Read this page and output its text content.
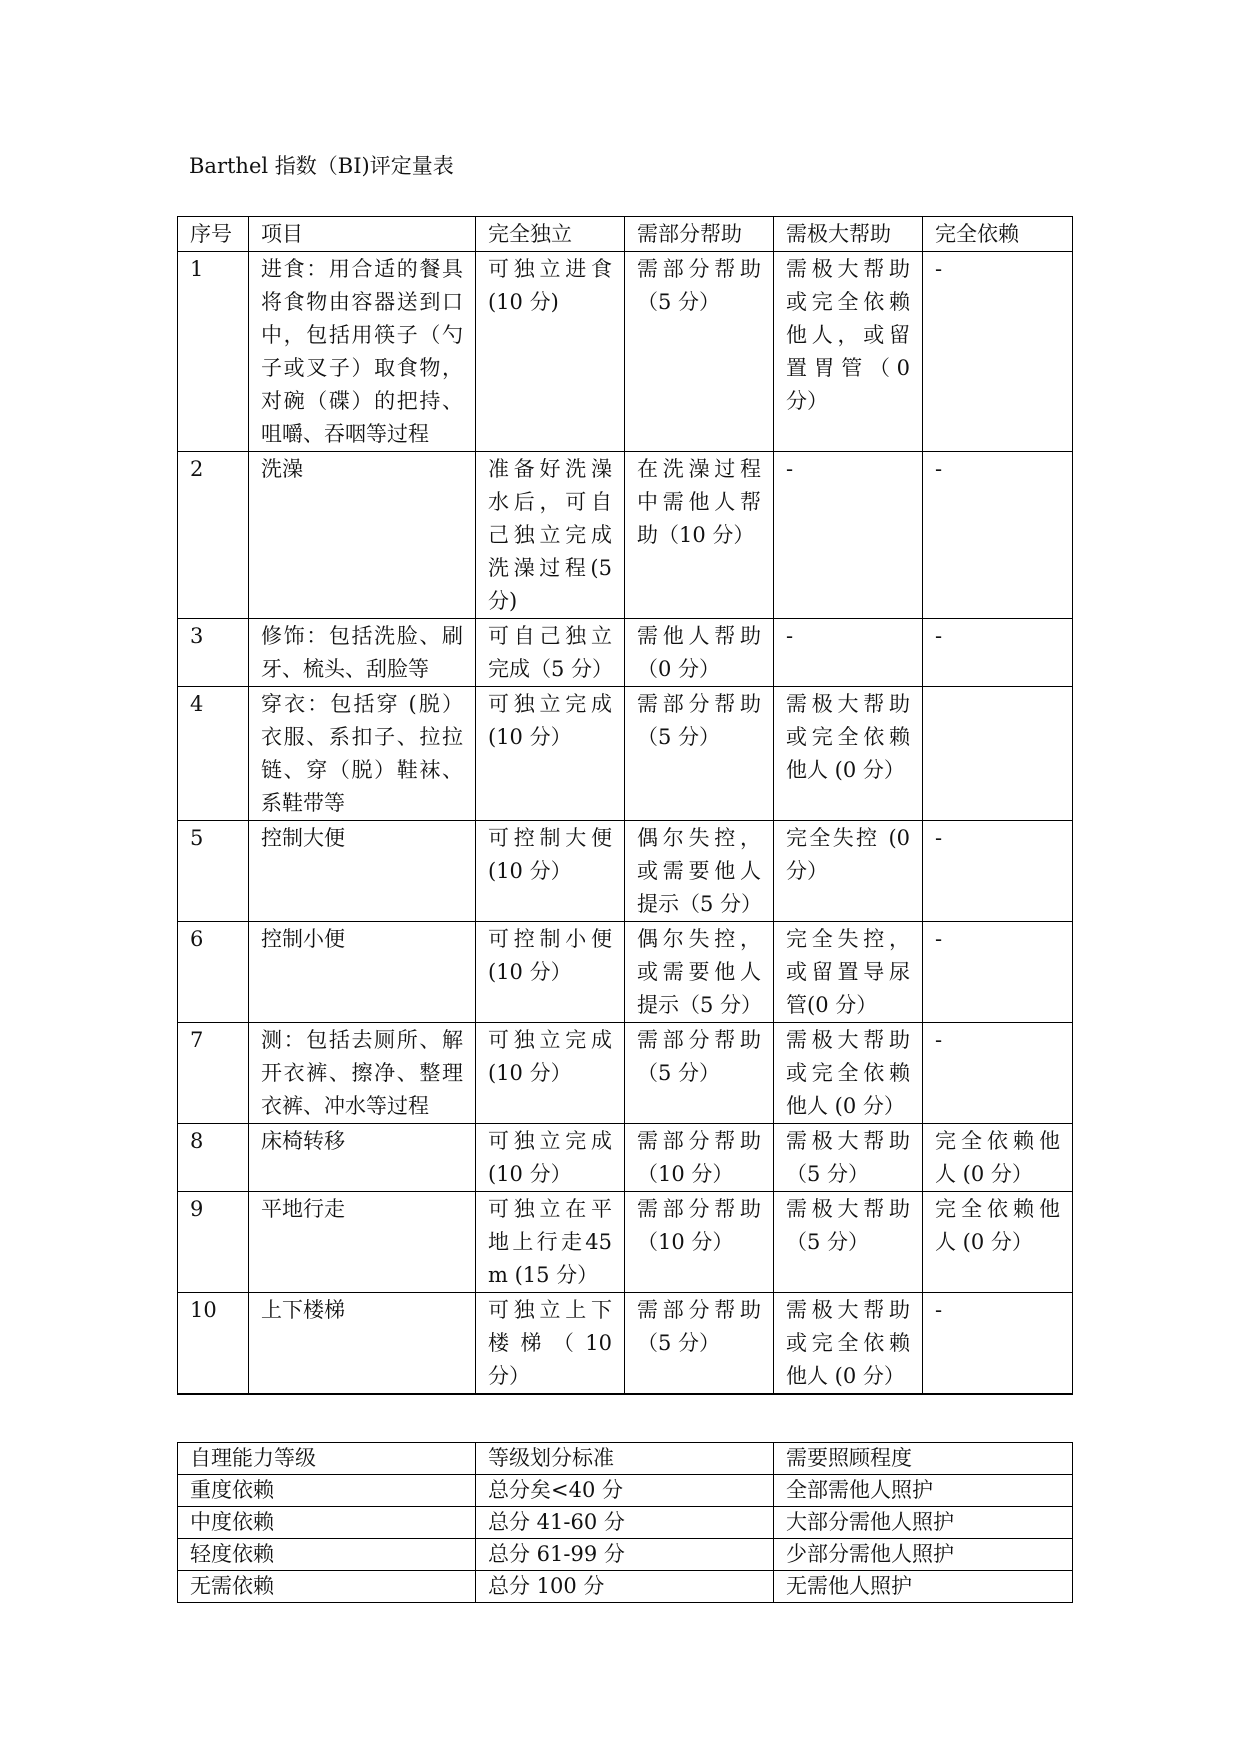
Barthel 指数（BI)评定量表
序号	项目	完全独立	需部分帮助	需极大帮助	完全依赖
1	进食：用合适的餐具将食物由容器送到口中，包括用筷子（勺子或叉子）取食物，对碗（碟）的把持、咀嚼、吞咽等过程	可独立进食(10 分)	需部分帮助（5 分）	需极大帮助或完全依赖他人，或留置胃管（0 分）	-
2	洗澡	准备好洗澡水后，可自己独立完成洗澡过程(5 分)	在洗澡过程中需他人帮助（10 分）	-	-
3	修饰：包括洗脸、刷牙、梳头、刮脸等	可自己独立完成（5 分）	需他人帮助（0 分）	-	-
4	穿衣：包括穿 (脱）衣服、系扣子、拉拉链、穿（脱）鞋袜、系鞋带等	可独立完成(10 分）	需部分帮助（5 分）	需极大帮助或完全依赖他人 (0 分）	
5	控制大便	可控制大便(10 分）	偶尔失控，或需要他人提示（5 分）	完全失控 (0 分）	-
6	控制小便	可控制小便(10 分）	偶尔失控，或需要他人提示（5 分）	完全失控，或留置导尿管(0 分）	-
7	测：包括去厕所、解开衣裤、擦净、整理衣裤、冲水等过程	可独立完成(10 分）	需部分帮助（5 分）	需极大帮助或完全依赖他人 (0 分）	-
8	床椅转移	可独立完成(10 分）	需部分帮助（10 分）	需极大帮助（5 分）	完全依赖他人 (0 分）
9	平地行走	可独立在平地上行走45m (15 分）	需部分帮助（10 分）	需极大帮助（5 分）	完全依赖他人 (0 分）
10	上下楼梯	可独立上下楼梯（10 分）	需部分帮助（5 分）	需极大帮助或完全依赖他人 (0 分）	-
自理能力等级	等级划分标准	需要照顾程度
重度依赖	总分矣<40 分	全部需他人照护
中度依赖	总分 41-60 分	大部分需他人照护
轻度依赖	总分 61-99 分	少部分需他人照护
无需依赖	总分 100 分	无需他人照护
